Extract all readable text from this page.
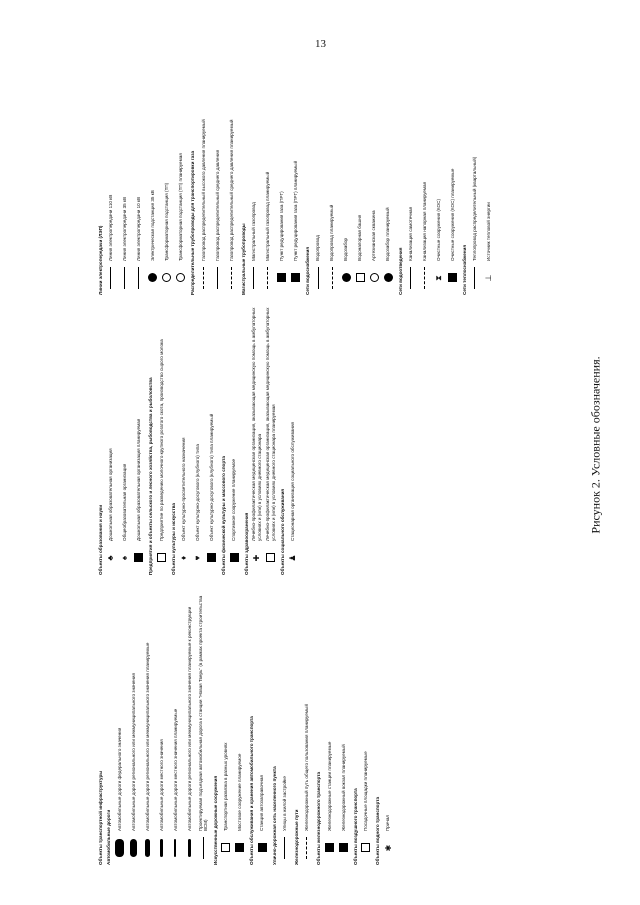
13
Объекты транспортной инфраструктуры Автомобильные дороги
Автомобильные дороги федерального значения Автомобильные дороги регионального или межмуниципального значения Автомобильные дороги регионального или межмуниципального значения планируемые Автомобильные дороги местного значения Автомобильные дороги местного значения планируемые Автомобильные дороги регионального или межмуниципального значения планируемые к реконструкции Проектируемая подъездная автомобильная дорога к станции "Новая Тверь" (в рамках проекта строительства ВСМ) Искусственные дорожные сооружения Транспортная развязка в разных уровнях Мостовое сооружение планируемое Объекты обслуживания и хранения автомобильного транспорта Станция автозаправочная Улично-дорожная сеть населенного пункта Улицы в жилой застройке
Железнодорожные пути
Железнодорожный путь общего пользования планируемый Объекты железнодорожного транспорта Железнодорожные станции планируемые Железнодорожный вокзал планируемый Объекты воздушного транспорта Посадочные площадки планируемые Объекты водного транспорта ✱
Причал
Объекты образования и науки ♣
Дошкольная образовательная организация
♠
Общеобразовательная организация Дошкольная образовательная организация планируемая Предприятия и объекты сельского и лесного хозяйства, рыбоводства и рыболовства Предприятие по разведению молочного крупного рогатого скота, производство сырого молока Объекты культуры и искусства ♦
Объект культурно-просветительного назначения
♥
Объект культурно-досугового (клубного) типа Объект культурно-досугового (клубного) типа планируемый Объекты физической культуры и массового спорта Спортивное сооружение планируемое
Объекты здравоохранения ✚
Лечебно-профилактическая медицинская организация, оказывающая медицинскую помощь в амбулаторных условиях и (или) в условиях дневного стационара Лечебно-профилактическая медицинская организация, оказывающая медицинскую помощь в амбулаторных условиях и (или) в условиях дневного стационара планируемая Объекты социального обслуживания ♟
Стационарная организация социального обслуживания
Линии электропередачи (ЛЭП) Линия электропередачи 110 кВ Линия электропередачи 35 кВ Линия электропередачи 10 кВ Электрическая подстанция 35 кВ Трансформаторная подстанция (ТП) Трансформаторная подстанция (ТП) планируемая Распределительные трубопроводы для транспортировки газа Газопровод распределительный высокого давления планируемый Газопровод распределительный среднего давления Газопровод распределительный среднего давления планируемый Магистральные трубопроводы Магистральный газопровод Магистральный газопровод планируемый Пункт редуцирования газа (ПРГ) Пункт редуцирования газа (ПРГ) планируемый
Сети водоснабжения Водопровод Водопровод планируемый Водозабор Водонапорная башня Артезианская скважина Водозабор планируемый
Сети водоотведения
Канализация самотечная Канализация напорная планируемая
⧗
Очистные сооружения (КОС) Очистные сооружения (КОС) планируемые
Сети теплоснабжения
Теплопровод распределительный (квартальный)
⊥
Источник тепловой энергии
Рисунок 2. Условные обозначения.
